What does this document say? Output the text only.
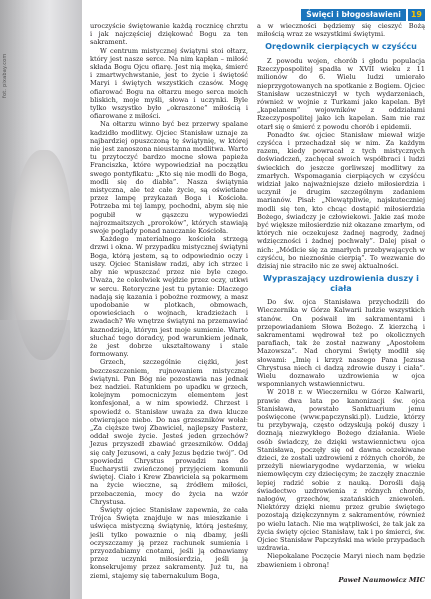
fot. pixabay.com
Święci i błogosławieni	19

uroczyście świętowanie każdą rocznicę chrztu i jak najczęściej dziękować Bogu za ten sakrament.

W centrum mistycznej świątyni stoi ołtarz, który jest nasze serce. Na nim kapłan – miłość składa Bogu Ojcu ofiarę. Jest nią męka, śmierć i zmartwychwstanie, jest to życie i świętość Maryi i świętych wszystkich czasów. Mogę ofiarować Bogu na ołtarzu mego serca moich bliskich, moje myśli, słowa i uczynki. Byle tylko wszystko było „okraszone” miłością i ofiarowane z miłości.

Na ołtarzu winno być bez przerwy spalane kadzidło modlitwy. Ojciec Stanisław uznaje za najbardziej opuszczoną tę świątynię, w której nie jest zanoszona nieustanna modlitwa. Warto tu przytoczyć bardzo mocne słowa papieża Franciszka, które wypowiedział na początku swego pontyfikatu: „Kto się nie modli do Boga, modli się do diabła”. Nasza świątynia mistyczna, ale też całe życie, są oświetlane przez lampę przykazań Boga i Kościoła. Potrzeba mi tej lampy, pochodni, abym się nie pogubił w gąszczu wypowiedzi najrozmaitszych „proroków”, których stawiają swoje poglądy ponad nauczanie Kościoła.

Każdego materialnego kościoła strzegą drzwi i okna. W przypadku mistycznej świątyni Boga, którą jestem, są to odpowiednio oczy i uszy. Ojciec Stanisław radzi, aby ich strzec i aby nie wpuszczać przez nie byle czego. Uważa, że cokolwiek wejdzie przez oczy, utkwi w sercu. Retoryczne jest tu pytanie: Dlaczego nadają się kazania i pobożne rozmowy, a masz upodobanie w plotkach, obmowach, opowieściach o wojnach, kradzieżach i zwadach? We wnętrze świątyni na przemawiać kaznodzieja, którym jest moje sumienie. Warto słuchać tego doradcy, pod warunkiem jednak, że jest dobrze ukształtowany i stale formowany.

Grzech, szczególnie ciężki, jest bezczeszczeniem, rujnowaniem mistycznej świątyni. Pan Bóg nie pozostawia nas jednak bez nadziei. Ratunkiem po upadku w grzech, kolejnym pomocniczym elementem jest konfesjonał, a w nim spowiedź. Chrzest i spowiedź o. Stanisław uważa za dwa klucze otwierające niebo. Do nas grzeszników wołał: „Za cięższe twoj Zbawiciel, najlepszy Pasterz, oddał swoje życie. Jesteś jeden grzechów? Jezus przyszedł zbawiać grzeszników. Oddaj się cały Jezusowi, a cały Jezus będzie twój”. Od spowiedzi Chrystus prowadzi nas do Eucharystii zwieńczonej przyjęciem komunii świętej. Ciało i Krew Zbawiciela są pokarmem na życie wieczne, są źródłem miłości, przebaczenia, mocy do życia na wzór Chrystusa.

Święty ojciec Stanisław zapewnia, że cała Trójca Święta znajduje w nas mieszkanie i uświęca mistyczną świątynię, którą jesteśmy, jeśli tylko powaznie o nią dbamy, jeśli oczyszczamy ją przez rachunek sumienia i przyozdabiamy cnotami, jeśli ją odnawiamy przez uczynki miłosierdzia, jeśli ją konsekrujemy przez sakramenty. Już tu, na ziemi, stajemy się tabernakulum Boga,

a w wieczności będziemy się cieszyć Bożą miłością wraz ze wszystkimi świętymi.

Orędownik cierpiących w czyśćcu

Z powodu wojen, chorób i głodu populacja Rzeczypospolitej spadła w XVII wieku z 11 milionów do 6. Wielu ludzi umierało nieprzygotowanych na spotkanie z Bogiem. Ojciec Stanisław uczestniczył w tych wydarzeniach, również w wojnie z Turkami jako kapelan. Był „kapelanem” wojowników z oddziałami Rzeczypospolitej jako ich kapelan. Sam nie raz otarł się o śmierć z powodu chorób i epidemii.

Ponadto św. ojciec Stanisław miewał wizje czyśćca i przechadzał się w nim. Za każdym razem, kiedy powracał z tych mistycznych doświadczeń, zachęcał swoich współbraci i ludzi świeckich do jeszcze gorliwszej modlitwy za zmarłych. Wspomagania cierpiących w czyśćcu widział jako najważniejsze dzieło miłosierdzia i uczynił je drugim szczególnym zadaniem marianów. Pisał: „Niewątpliwie, najskuteczniej modli się ten, kto chcąc dostąpić miłosierdzia Bożego, świadczy je człowiekowi. Jakie zaś może być większe miłosierdzie niż okazane zmarłym, od których nie oczekujesz żadnej nagrody, żadnej wdzięczności i żadnej pochwały”. Dalej pisał o nich: „Módlcie się za zmarłych przebywających w czyśćcu, bo nieznośnie cierpią”. To wezwanie do dzisiaj nie straciło nic ze swej aktualności.

Wypraszający uzdrowienia duszy i ciała

Do św. ojca Stanisława przychodzili do Wieczernika w Górze Kalwarii ludzie wszystkich stanów. On pośwaił im sakramentami i przepowiadaniem Słowa Bożego. Z kierzchą i sakramentami wędrował też po okolicznych parafiach, tak że został nazwany „Apostołem Mazowsza”. Nad chorymi Święty modlił się słowami: „Imię i krzyż naszego Pana Jezusa Chrystusa niech ci dadzą zdrowie duszy i ciała”. Wielu doznawało uzdrowienia w ojca wspomnianych wstawiennictwu.

W 2018 r. w Wieczerniku w Górze Kalwarii, prawie dwa lata po kanonizacji św. ojca Stanisława, powstało Sanktuarium jemu poświęcone (www.papczynski.pl). Ludzie, którzy tu przybywają, często odzyskują pokój duszy i doznają niezwykłego Bożego działania. Wiele osób świadczy, że dzięki wstawiennictwu ojca Stanisława, poczęły się od dawna oczekiwane dzieci, że zostali uzdrowieni z różnych chorób, że przeżyli niewiarygodne wydarzenia, w wieku niemowlęcym czy dziecięcym; że zaczęły znacznie lepiej radzić sobie z nauką. Dorośli dają świadectwo uzdrowienia z różnych chorób, nałogów, grzechów, szatańskich zniewoleń. Niektórzy dzięki niemu przez grubie świętego pozostają dziękczynnym z sakramentów, również po wielu latach. Nie ma wątpliwości, że tak jak za życia święty ojciec Stanisław, tak i po śmierci, św. Ojciec Stanisław Papczyński ma wiele przypadach uzdrawia.

Niepokalane Poczęcie Maryi niech nam będzie zbawieniem i obroną!

Paweł Naumowicz MIC
